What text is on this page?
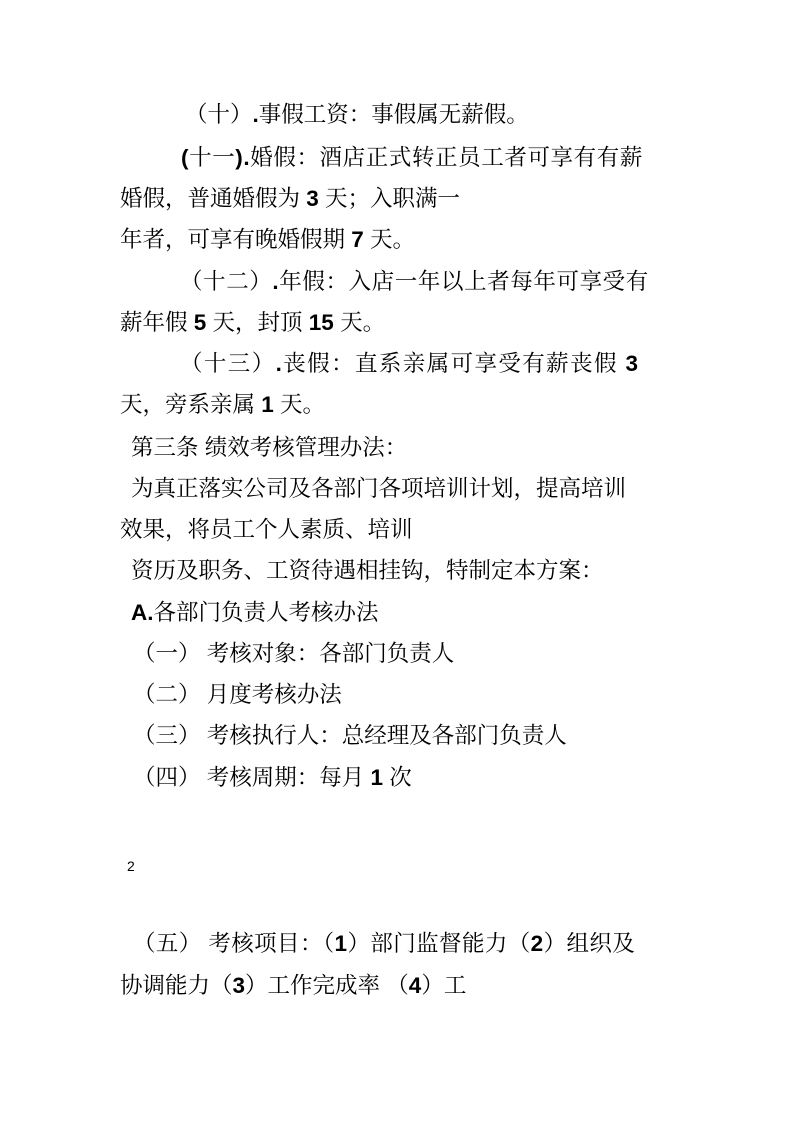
（十）.事假工资：事假属无薪假。
(十一).婚假：酒店正式转正员工者可享有有薪
婚假，普通婚假为 3 天；入职满一
年者，可享有晚婚假期 7 天。
（十二）.年假：入店一年以上者每年可享受有
薪年假 5 天，封顶 15 天。
（十三）.丧假：直系亲属可享受有薪丧假 3
天，旁系亲属 1 天。
第三条 绩效考核管理办法：
为真正落实公司及各部门各项培训计划，提高培训
效果，将员工个人素质、培训
资历及职务、工资待遇相挂钩，特制定本方案：
A.各部门负责人考核办法
（一） 考核对象：各部门负责人
（二） 月度考核办法
（三） 考核执行人：总经理及各部门负责人
（四） 考核周期：每月 1 次
2
（五） 考核项目：（1）部门监督能力（2）组织及
协调能力（3）工作完成率 （4）工
